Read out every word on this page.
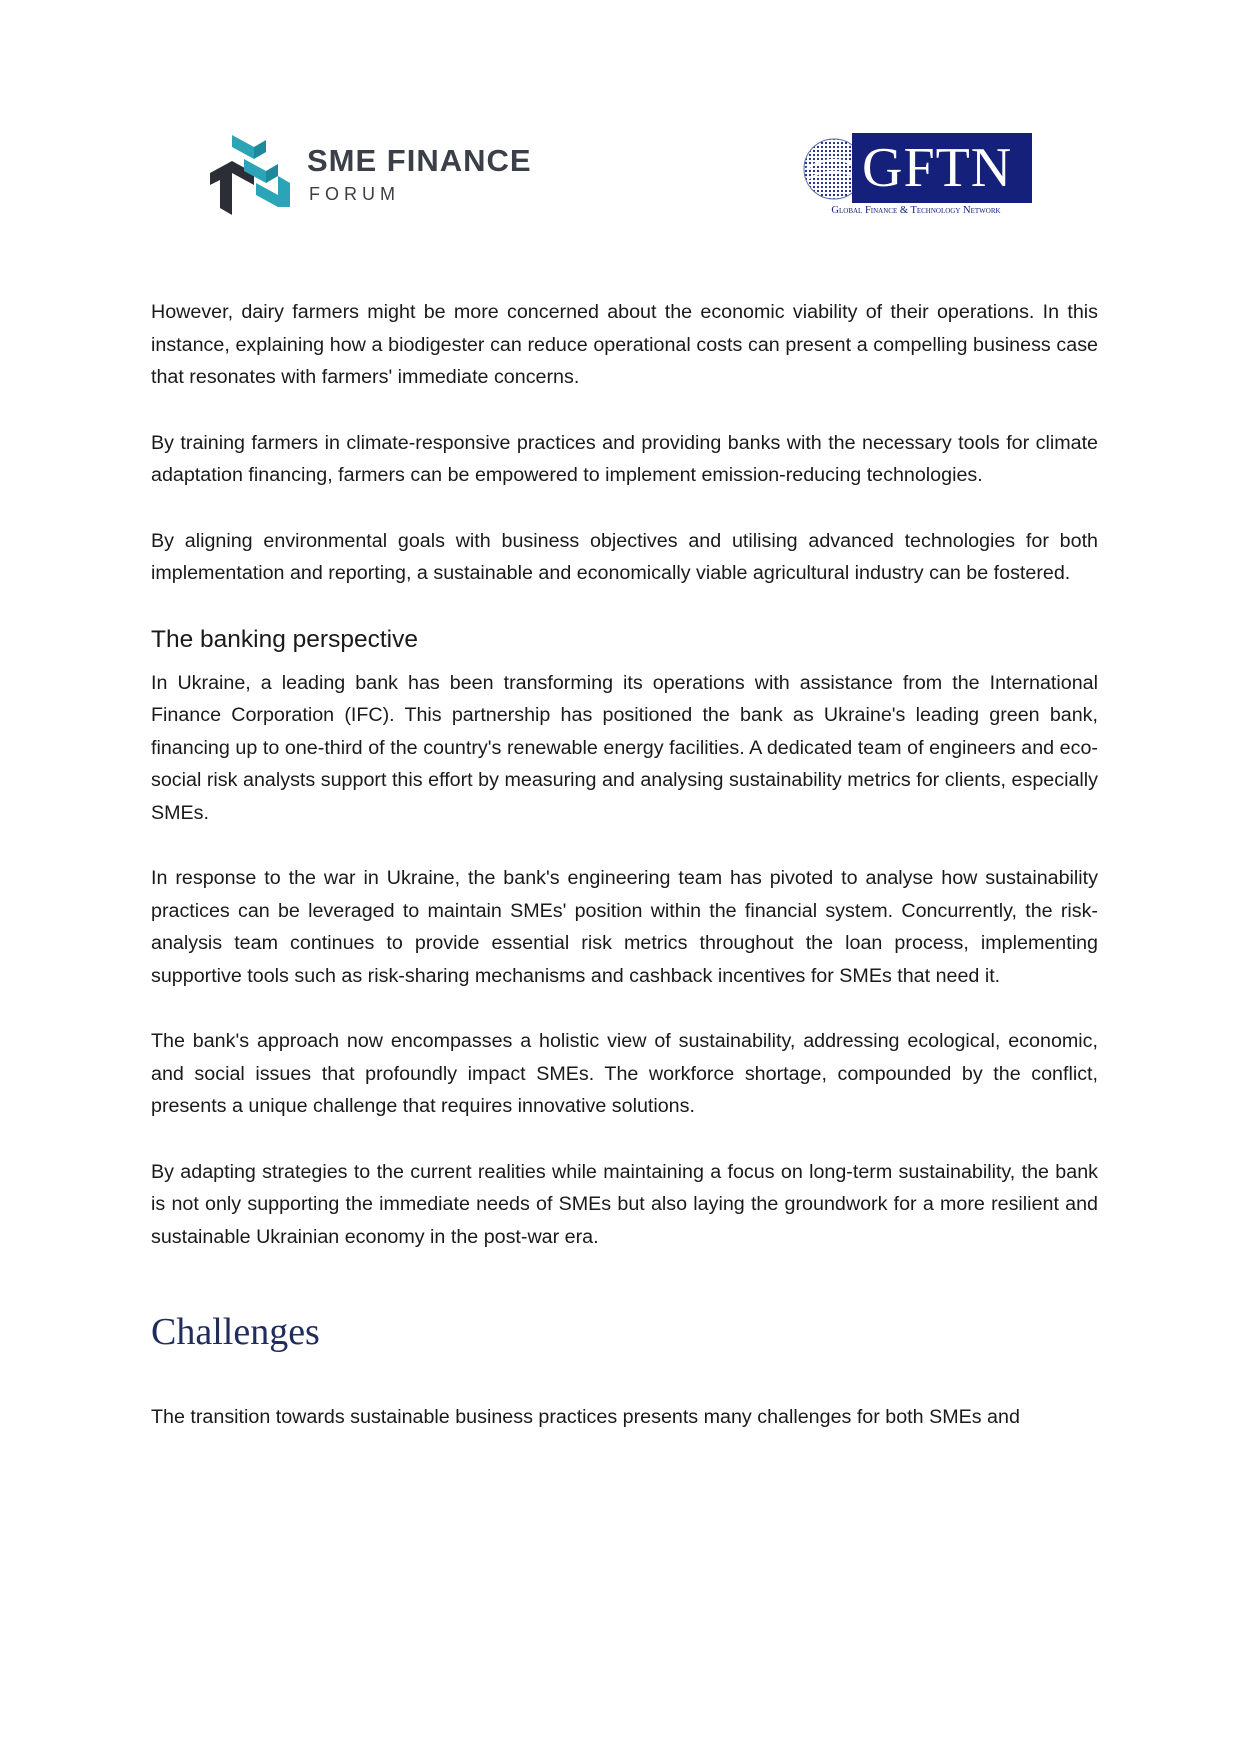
SME FINANCE
FORUM	GFTN
Global Finance & Technology Network

However, dairy farmers might be more concerned about the economic viability of their operations. In this instance, explaining how a biodigester can reduce operational costs can present a compelling business case that resonates with farmers' immediate concerns.

By training farmers in climate-responsive practices and providing banks with the necessary tools for climate adaptation financing, farmers can be empowered to implement emission-reducing technologies.

By aligning environmental goals with business objectives and utilising advanced technologies for both implementation and reporting, a sustainable and economically viable agricultural industry can be fostered.

The banking perspective

In Ukraine, a leading bank has been transforming its operations with assistance from the International Finance Corporation (IFC). This partnership has positioned the bank as Ukraine's leading green bank, financing up to one-third of the country's renewable energy facilities. A dedicated team of engineers and eco-social risk analysts support this effort by measuring and analysing sustainability metrics for clients, especially SMEs.

In response to the war in Ukraine, the bank's engineering team has pivoted to analyse how sustainability practices can be leveraged to maintain SMEs' position within the financial system. Concurrently, the risk-analysis team continues to provide essential risk metrics throughout the loan process, implementing supportive tools such as risk-sharing mechanisms and cashback incentives for SMEs that need it.

The bank's approach now encompasses a holistic view of sustainability, addressing ecological, economic, and social issues that profoundly impact SMEs. The workforce shortage, compounded by the conflict, presents a unique challenge that requires innovative solutions.

By adapting strategies to the current realities while maintaining a focus on long-term sustainability, the bank is not only supporting the immediate needs of SMEs but also laying the groundwork for a more resilient and sustainable Ukrainian economy in the post-war era.

Challenges

The transition towards sustainable business practices presents many challenges for both SMEs and
